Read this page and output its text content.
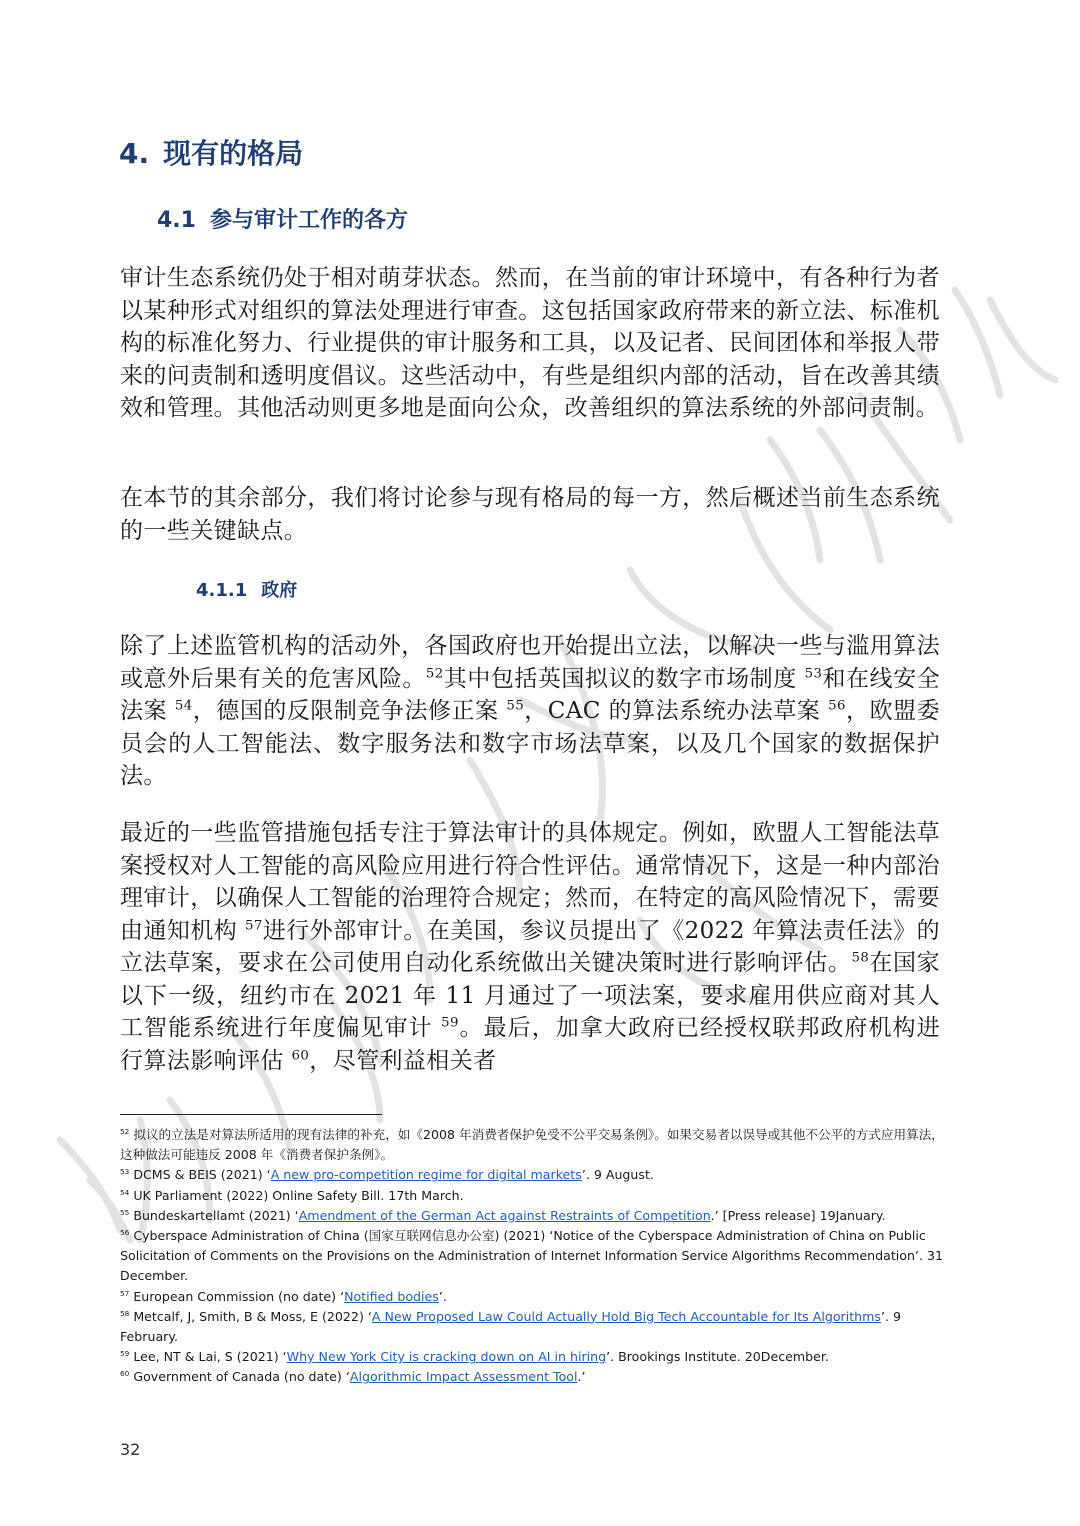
4. 现有的格局
4.1 参与审计工作的各方

审计生态系统仍处于相对萌芽状态。然而，在当前的审计环境中，有各种行为者以某种形式对组织的算法处理进行审查。这包括国家政府带来的新立法、标准机构的标准化努力、行业提供的审计服务和工具，以及记者、民间团体和举报人带来的问责制和透明度倡议。这些活动中，有些是组织内部的活动，旨在改善其绩效和管理。其他活动则更多地是面向公众，改善组织的算法系统的外部问责制。

在本节的其余部分，我们将讨论参与现有格局的每一方，然后概述当前生态系统的一些关键缺点。

4.1.1 政府

除了上述监管机构的活动外，各国政府也开始提出立法，以解决一些与滥用算法或意外后果有关的危害风险。$^{52}$其中包括英国拟议的数字市场制度 $^{53}$和在线安全法案 $^{54}$，德国的反限制竞争法修正案 $^{55}$，CAC 的算法系统办法草案 $^{56}$，欧盟委员会的人工智能法、数字服务法和数字市场法草案，以及几个国家的数据保护法。

最近的一些监管措施包括专注于算法审计的具体规定。例如，欧盟人工智能法草案授权对人工智能的高风险应用进行符合性评估。通常情况下，这是一种内部治理审计，以确保人工智能的治理符合规定；然而，在特定的高风险情况下，需要由通知机构 $^{57}$进行外部审计。在美国，参议员提出了《2022 年算法责任法》的立法草案，要求在公司使用自动化系统做出关键决策时进行影响评估。$^{58}$在国家以下一级，纽约市在 2021 年 11 月通过了一项法案，要求雇用供应商对其人工智能系统进行年度偏见审计 $^{59}$。最后，加拿大政府已经授权联邦政府机构进行算法影响评估 $^{60}$，尽管利益相关者

$^{52}$ 拟议的立法是对算法所适用的现有法律的补充，如《2008 年消费者保护免受不公平交易条例》。如果交易者以误导或其他不公平的方式应用算法，这种做法可能违反 2008 年《消费者保护条例》。

$^{53}$ DCMS & BEIS (2021) ‘A new pro-competition regime for digital markets’. 9 August.

$^{54}$ UK Parliament (2022) Online Safety Bill. 17th March.

$^{55}$ Bundeskartellamt (2021) ‘Amendment of the German Act against Restraints of Competition.’ [Press release] 19January.

$^{56}$ Cyberspace Administration of China (国家互联网信息办公室) (2021) ‘Notice of the Cyberspace Administration of China on Public Solicitation of Comments on the Provisions on the Administration of Internet Information Service Algorithms Recommendation’. 31 December.

$^{57}$ European Commission (no date) ‘Notified bodies’.

$^{58}$ Metcalf, J, Smith, B & Moss, E (2022) ‘A New Proposed Law Could Actually Hold Big Tech Accountable for Its Algorithms’. 9 February.

$^{59}$ Lee, NT & Lai, S (2021) ‘Why New York City is cracking down on AI in hiring’. Brookings Institute. 20December.

$^{60}$ Government of Canada (no date) ‘Algorithmic Impact Assessment Tool.’

32
